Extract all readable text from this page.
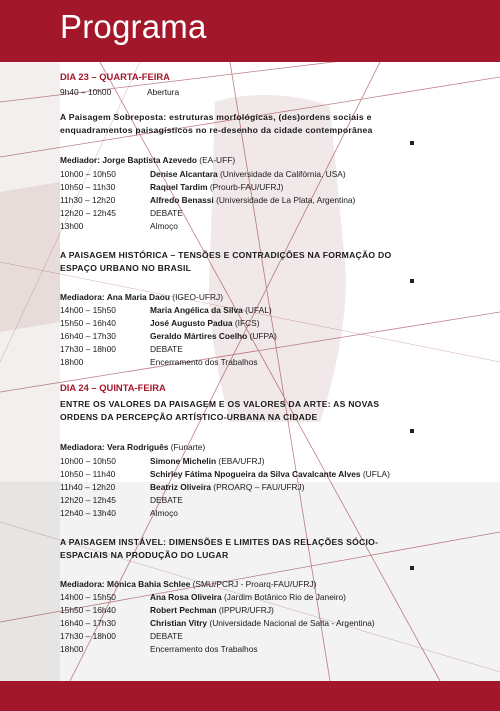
Programa
DIA 23 – QUARTA-FEIRA
9h40 – 10h00	Abertura
A Paisagem Sobreposta: estruturas morfológicas, (des)ordens sociais e
enquadramentos paisagísticos no re-desenho da cidade contemporânea
Mediador: Jorge Baptista Azevedo (EA-UFF)
10h00 – 10h50	Denise Alcantara (Universidade da Califórnia, USA)
10h50 – 11h30	Raquel Tardim (Prourb-FAU/UFRJ)
11h30 – 12h20	Alfredo Benassi (Universidade de La Plata, Argentina)
12h20 – 12h45	DEBATE
13h00	Almoço
A PAISAGEM HISTÓRICA – TENSÕES E CONTRADIÇÕES NA FORMAÇÃO DO
ESPAÇO URBANO NO BRASIL
Mediadora: Ana Maria Daou (IGEO-UFRJ)
14h00 – 15h50	Maria Angélica da Silva (UFAL)
15h50 – 16h40	José Augusto Padua (IFCS)
16h40 – 17h30	Geraldo Mártires Coelho (UFPA)
17h30 – 18h00	DEBATE
18h00	Encerramento dos Trabalhos
DIA 24 – QUINTA-FEIRA
ENTRE OS VALORES DA PAISAGEM E OS VALORES DA ARTE: AS NOVAS
ORDENS DA PERCEPÇÃO ARTÍSTICO-URBANA NA CIDADE
Mediadora: Vera Rodriguês (Funarte)
10h00 – 10h50	Simone Michelin (EBA/UFRJ)
10h50 – 11h40	Schirley Fátima Npogueira da Silva Cavalcante Alves (UFLA)
11h40 – 12h20	Beatriz Oliveira (PROARQ – FAU/UFRJ)
12h20 – 12h45	DEBATE
12h40 – 13h40	Almoço
A PAISAGEM INSTÁVEL: DIMENSÕES E LIMITES DAS RELAÇÕES SÓCIO-
ESPACIAIS NA PRODUÇÃO DO LUGAR
Mediadora: Mônica Bahia Schlee (SMU/PCRJ - Proarq-FAU/UFRJ)
14h00 – 15h50	Ana Rosa Oliveira (Jardim Botânico Rio de Janeiro)
15h50 – 16h40	Robert Pechman (IPPUR/UFRJ)
16h40 – 17h30	Christian Vitry (Universidade Nacional de Salta - Argentina)
17h30 – 18h00	DEBATE
18h00	Encerramento dos Trabalhos
